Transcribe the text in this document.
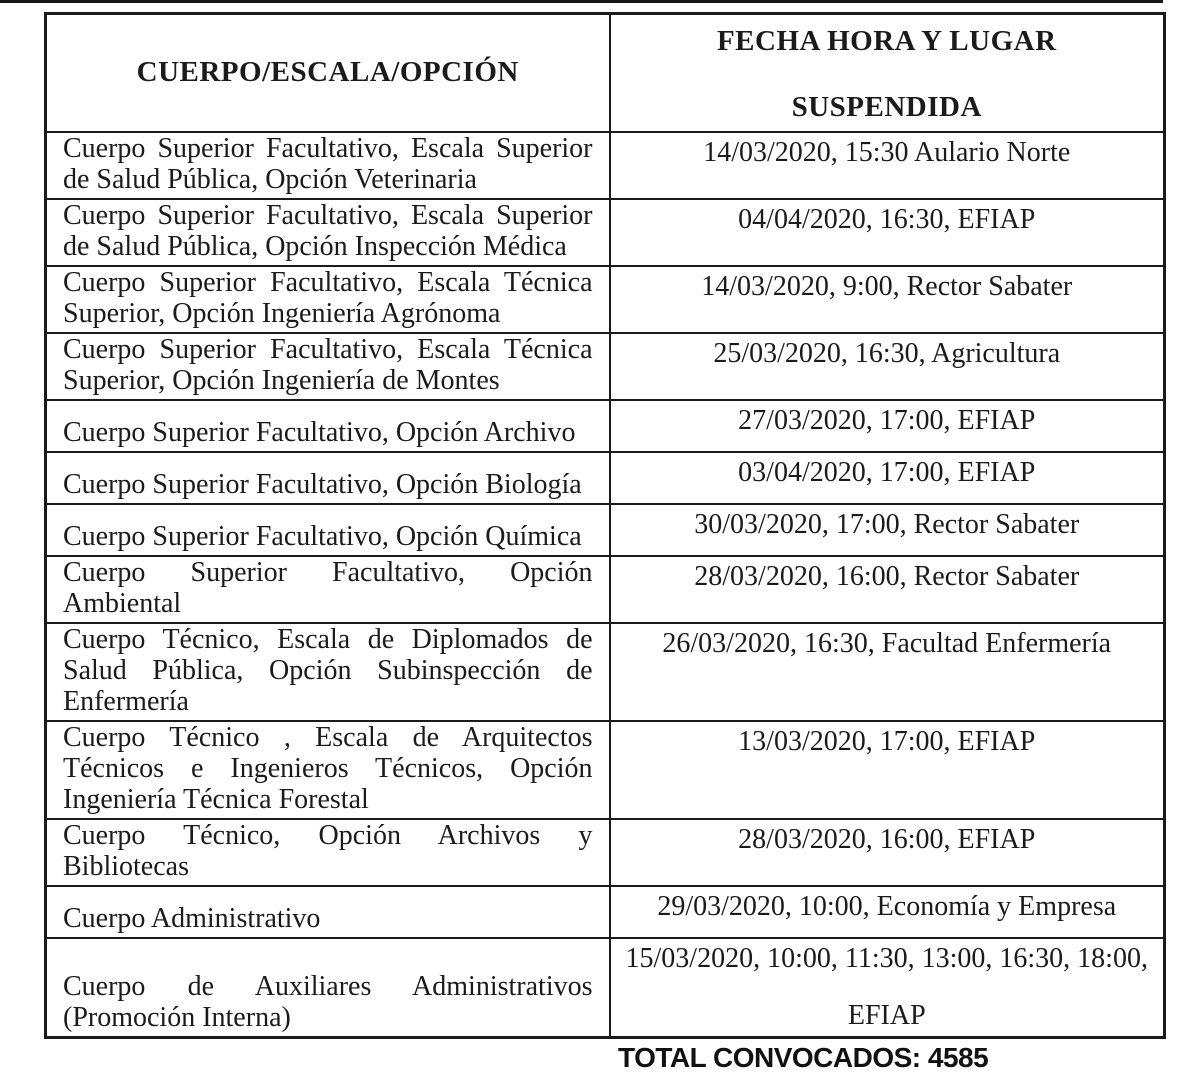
CUERPO/ESCALA/OPCIÓN	FECHA HORA Y LUGAR
SUSPENDIDA

Cuerpo Superior Facultativo, Escala Superior de Salud Pública, Opción Veterinaria	14/03/2020, 15:30 Aulario Norte
Cuerpo Superior Facultativo, Escala Superior de Salud Pública, Opción Inspección Médica	04/04/2020, 16:30, EFIAP
Cuerpo Superior Facultativo, Escala Técnica Superior, Opción Ingeniería Agrónoma	14/03/2020, 9:00, Rector Sabater
Cuerpo Superior Facultativo, Escala Técnica Superior, Opción Ingeniería de Montes	25/03/2020, 16:30, Agricultura
Cuerpo Superior Facultativo, Opción Archivo	27/03/2020, 17:00, EFIAP
Cuerpo Superior Facultativo, Opción Biología	03/04/2020, 17:00, EFIAP
Cuerpo Superior Facultativo, Opción Química	30/03/2020, 17:00, Rector Sabater
Cuerpo Superior Facultativo, Opción Ambiental	28/03/2020, 16:00, Rector Sabater
Cuerpo Técnico, Escala de Diplomados de Salud Pública, Opción Subinspección de Enfermería	26/03/2020, 16:30, Facultad Enfermería
Cuerpo Técnico , Escala de Arquitectos Técnicos e Ingenieros Técnicos, Opción Ingeniería Técnica Forestal	13/03/2020, 17:00, EFIAP
Cuerpo Técnico, Opción Archivos y Bibliotecas	28/03/2020, 16:00, EFIAP
Cuerpo Administrativo	29/03/2020, 10:00, Economía y Empresa
Cuerpo de Auxiliares Administrativos (Promoción Interna)	15/03/2020, 10:00, 11:30, 13:00, 16:30, 18:00,
EFIAP
TOTAL CONVOCADOS: 4585
